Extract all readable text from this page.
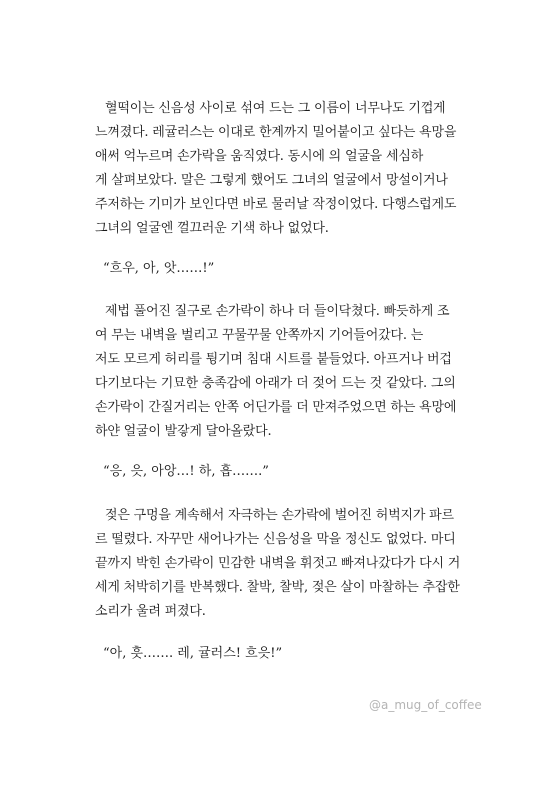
혈떡이는 신음성 사이로 섞여 드는 그 이름이 너무나도 기껍게
느껴졌다. 레귤러스는 이대로 한계까지 밀어붙이고 싶다는 욕망을
애써 억누르며 손가락을 움직였다. 동시에 의 얼굴을 세심하
게 살펴보았다. 말은 그렇게 했어도 그녀의 얼굴에서 망설이거나
주저하는 기미가 보인다면 바로 물러날 작정이었다. 다행스럽게도
그녀의 얼굴엔 껄끄러운 기색 하나 없었다.
“흐우, 아, 앗……!”
제법 풀어진 질구로 손가락이 하나 더 들이닥쳤다. 빠듯하게 조
여 무는 내벽을 벌리고 꾸물꾸물 안쪽까지 기어들어갔다. 는
저도 모르게 허리를 튕기며 침대 시트를 붙들었다. 아프거나 버겁
다기보다는 기묘한 충족감에 아래가 더 젖어 드는 것 같았다. 그의
손가락이 간질거리는 안쪽 어딘가를 더 만져주었으면 하는 욕망에
하얀 얼굴이 발갛게 달아올랐다.
“응, 읏, 아앙…! 하, 흡…….”
젖은 구멍을 계속해서 자극하는 손가락에 벌어진 허벅지가 파르
르 떨렸다. 자꾸만 새어나가는 신음성을 막을 정신도 없었다. 마디
끝까지 박힌 손가락이 민감한 내벽을 휘젓고 빠져나갔다가 다시 거
세게 처박히기를 반복했다. 찰박, 찰박, 젖은 살이 마찰하는 추잡한
소리가 울려 퍼졌다.
“아, 흣……. 레, 귤러스! 흐읏!”
@a_mug_of_coffee
